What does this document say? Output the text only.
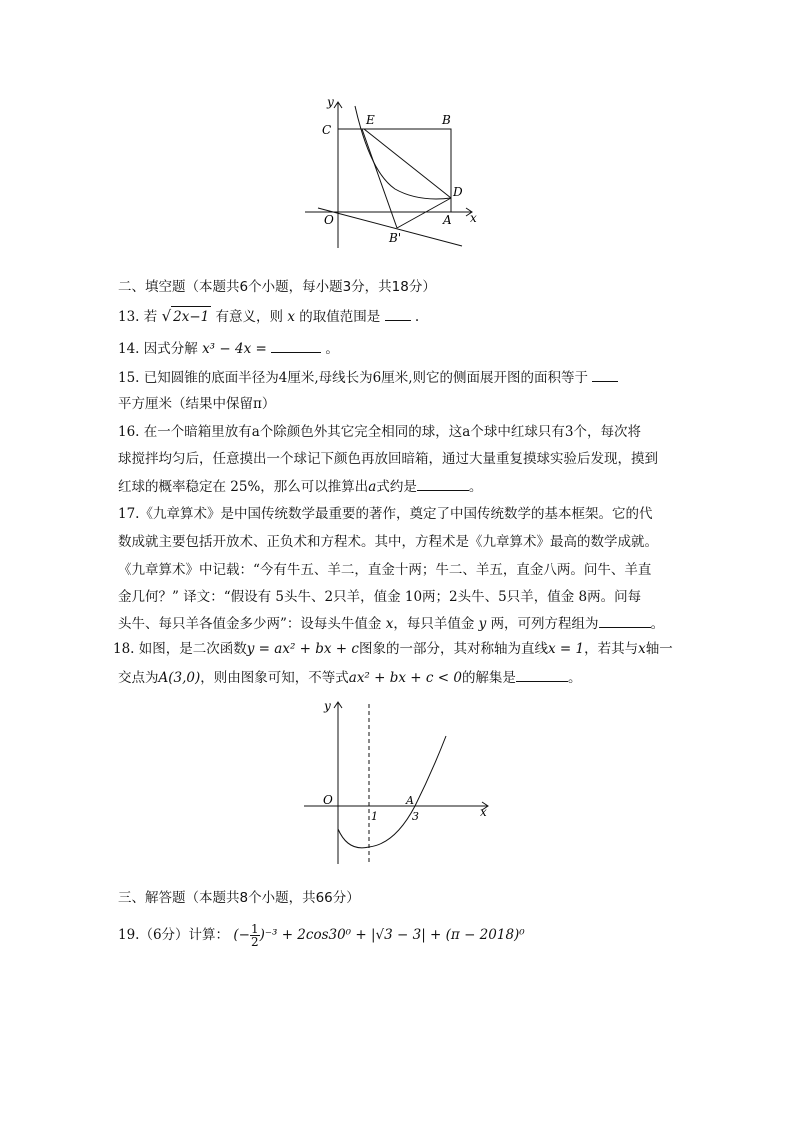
y
C
E	B
D
O	A x
B'
二、填空题（本题共6个小题，每小题3分，共18分）
13. 若 √ 2x−1 有意义，则 x 的取值范围是	.
14. 因式分解 x³ − 4x =	。
15. 已知圆锥的底面半径为4厘米,母线长为6厘米,则它的侧面展开图的面积等于
平方厘米（结果中保留π）
16. 在一个暗箱里放有a个除颜色外其它完全相同的球，这a个球中红球只有3个，每次将
球搅拌均匀后，任意摸出一个球记下颜色再放回暗箱，通过大量重复摸球实验后发现，摸到
红球的概率稳定在 25%，那么可以推算出a式约是	。
17.《九章算术》是中国传统数学最重要的著作，奠定了中国传统数学的基本框架。它的代
数成就主要包括开放术、正负术和方程术。其中，方程术是《九章算术》最高的数学成就。
《九章算术》中记载：“今有牛五、羊二，直金十两；牛二、羊五，直金八两。问牛、羊直
金几何？” 译文：“假设有 5头牛、2只羊，值金 10两；2头牛、5只羊，值金 8两。问每
头牛、每只羊各值金多少两”：设每头牛值金 x，每只羊值金 y 两，可列方程组为	。
18. 如图，是二次函数y = ax² + bx + c图象的一部分，其对称轴为直线x = 1，若其与x轴一
交点为A(3,0)，则由图象可知，不等式ax² + bx + c < 0的解集是	。
y
O	A
x
1	3
三、解答题（本题共8个小题，共66分）
19.（6分）计算： (− $\frac{1}{2} )^{-3} + 2\cos 30^0 + |√3 - 3| + (\pi - 2018)^0$
